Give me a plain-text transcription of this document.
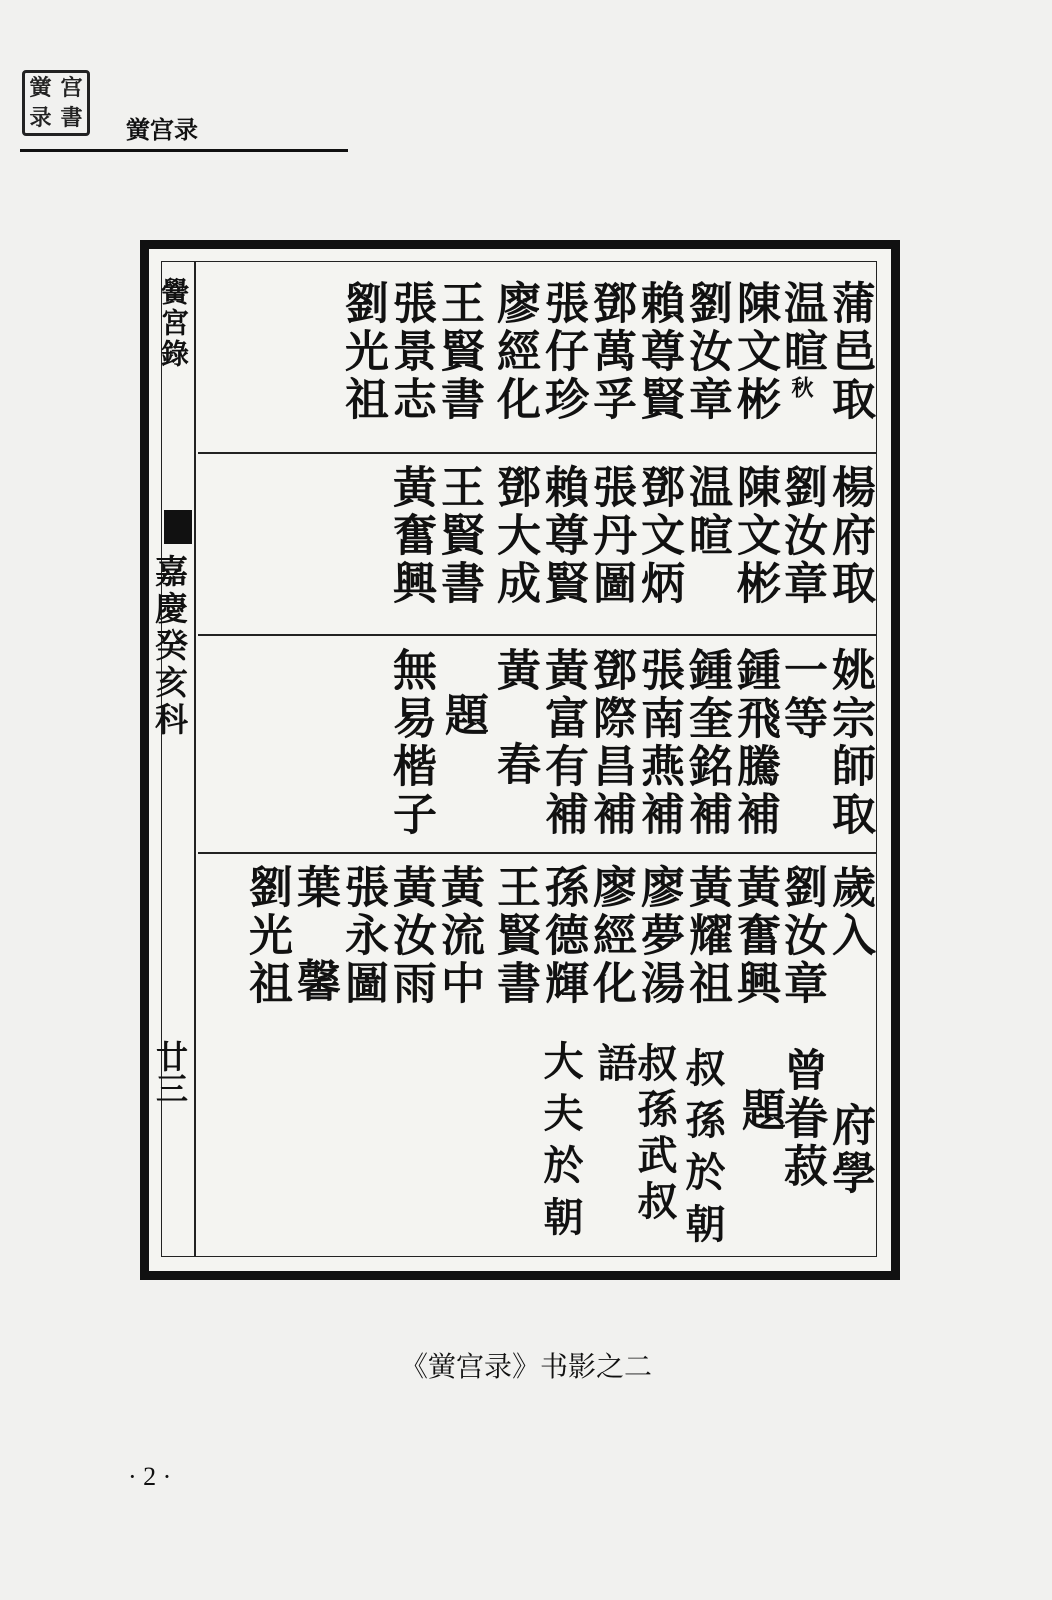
黉 宫
录 書 黉宫录
黌宮錄
嘉慶癸亥科
廿三
蒲邑取
温暄秋
陳文彬
劉汝章
賴尊賢
鄧萬孚
張仔珍
廖經化
王賢書
張景志
劉光祖
楊府取
劉汝章
陳文彬
温暄
鄧文炳
張丹圖
賴尊賢
鄧大成
王賢書
黃奮興
姚宗師取
一等
鍾飛騰補
鍾奎銘補
張南燕補
鄧際昌補
黃富有補
黃春
題
無易楷子
歲入
劉汝章
黃奮興
黃耀祖
廖夢湯
廖經化
孫德輝
王賢書
黃流中
黃汝雨
張永圖
葉馨
劉光祖
府學
曾眷菽
題
叔孫於朝
叔孫武叔語
大夫於朝
《黉宫录》书影之二
· 2 ·
